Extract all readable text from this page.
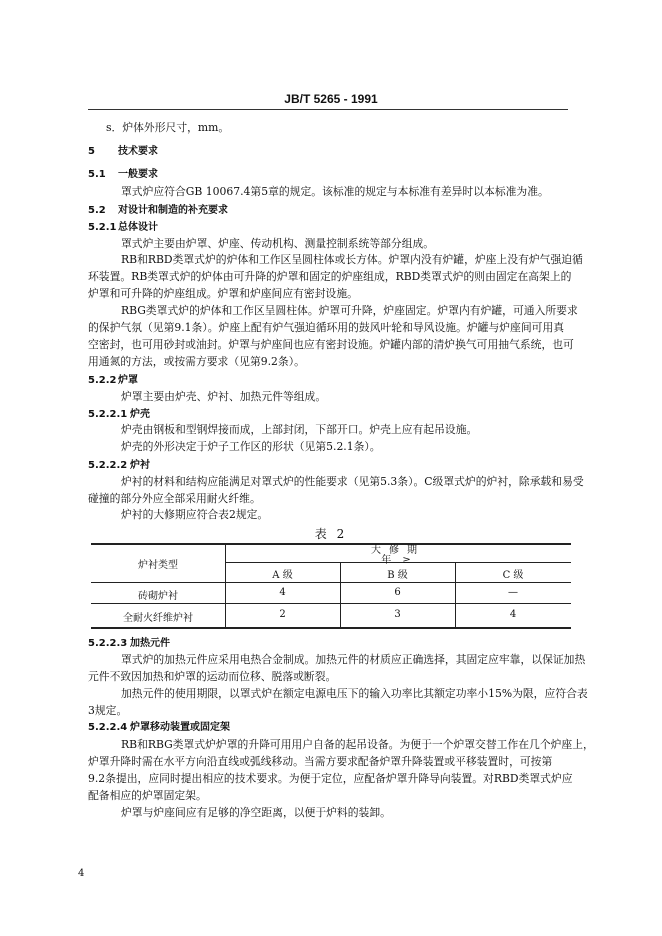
JB/T 5265 - 1991
s．炉体外形尺寸，mm。
5 技术要求
5.1 一般要求
罩式炉应符合GB 10067.4第5章的规定。该标准的规定与本标准有差异时以本标准为准。
5.2 对设计和制造的补充要求
5.2.1 总体设计
罩式炉主要由炉罩、炉座、传动机构、测量控制系统等部分组成。
RB和RBD类罩式炉的炉体和工作区呈圆柱体或长方体。炉罩内没有炉罐，炉座上没有炉气强迫循
环装置。RB类罩式炉的炉体由可升降的炉罩和固定的炉座组成，RBD类罩式炉的则由固定在高架上的
炉罩和可升降的炉座组成。炉罩和炉座间应有密封设施。
RBG类罩式炉的炉体和工作区呈圆柱体。炉罩可升降，炉座固定。炉罩内有炉罐，可通入所要求
的保护气氛（见第9.1条）。炉座上配有炉气强迫循环用的鼓风叶轮和导风设施。炉罐与炉座间可用真
空密封，也可用砂封或油封。炉罩与炉座间也应有密封设施。炉罐内部的清炉换气可用抽气系统，也可
用通氮的方法，或按需方要求（见第9.2条）。
5.2.2 炉罩
炉罩主要由炉壳、炉衬、加热元件等组成。
5.2.2.1 炉壳
炉壳由钢板和型钢焊接而成，上部封闭，下部开口。炉壳上应有起吊设施。
炉壳的外形决定于炉子工作区的形状（见第5.2.1条）。
5.2.2.2 炉衬
炉衬的材料和结构应能满足对罩式炉的性能要求（见第5.3条）。C级罩式炉的炉衬，除承载和易受
碰撞的部分外应全部采用耐火纤维。
炉衬的大修期应符合表2规定。
5.2.2.3 加热元件
罩式炉的加热元件应采用电热合金制成。加热元件的材质应正确选择，其固定应牢靠，以保证加热
元件不致因加热和炉罩的运动而位移、脱落或断裂。
加热元件的使用期限，以罩式炉在额定电源电压下的输入功率比其额定功率小15%为限，应符合表
3规定。
5.2.2.4 炉罩移动装置或固定架
RB和RBG类罩式炉炉罩的升降可用用户自备的起吊设备。为便于一个炉罩交替工作在几个炉座上，
炉罩升降时需在水平方向沿直线或弧线移动。当需方要求配备炉罩升降装置或平移装置时，可按第
9.2条提出，应同时提出相应的技术要求。为便于定位，应配备炉罩升降导向装置。对RBD类罩式炉应
配备相应的炉罩固定架。
炉罩与炉座间应有足够的净空距离，以便于炉料的装卸。
表 2
炉衬类型
大修期
年 ≥
A 级	B 级	C 级
砖砌炉衬	4	6	—
全耐火纤维炉衬	2	3	4
4
